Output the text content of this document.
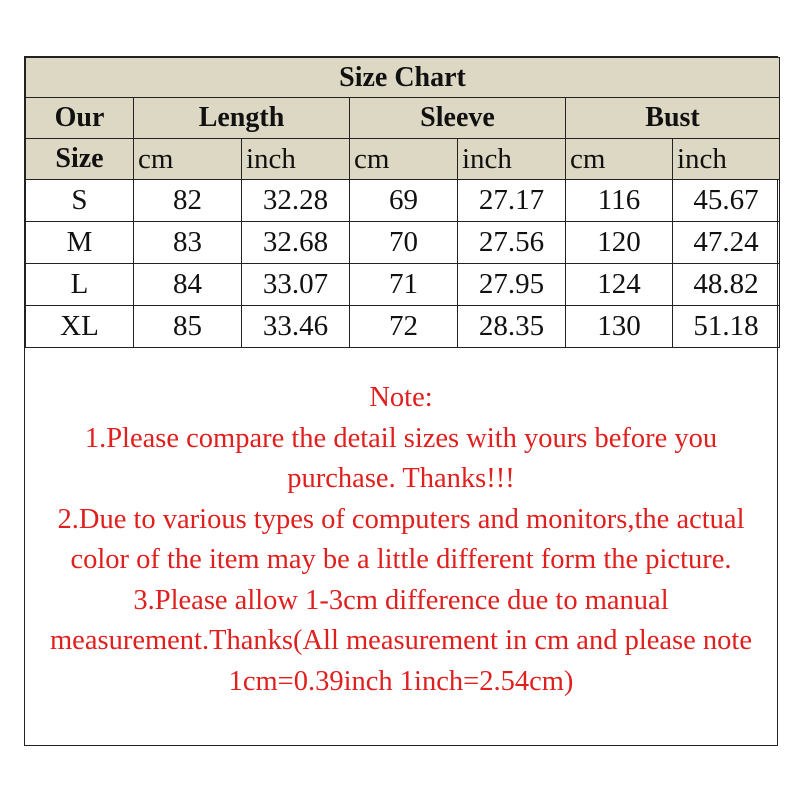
Size Chart						
Our	Length		Sleeve		Bust	
Size	cm	inch	cm	inch	cm	inch
S	82	32.28	69	27.17	116	45.67
M	83	32.68	70	27.56	120	47.24
L	84	33.07	71	27.95	124	48.82
XL	85	33.46	72	28.35	130	51.18
Note:
1.Please compare the detail sizes with yours before you purchase. Thanks!!!
2.Due to various types of computers and monitors,the actual color of the item may be a little different form the picture.
3.Please allow 1-3cm difference due to manual measurement.Thanks(All measurement in cm and please note 1cm=0.39inch 1inch=2.54cm)
